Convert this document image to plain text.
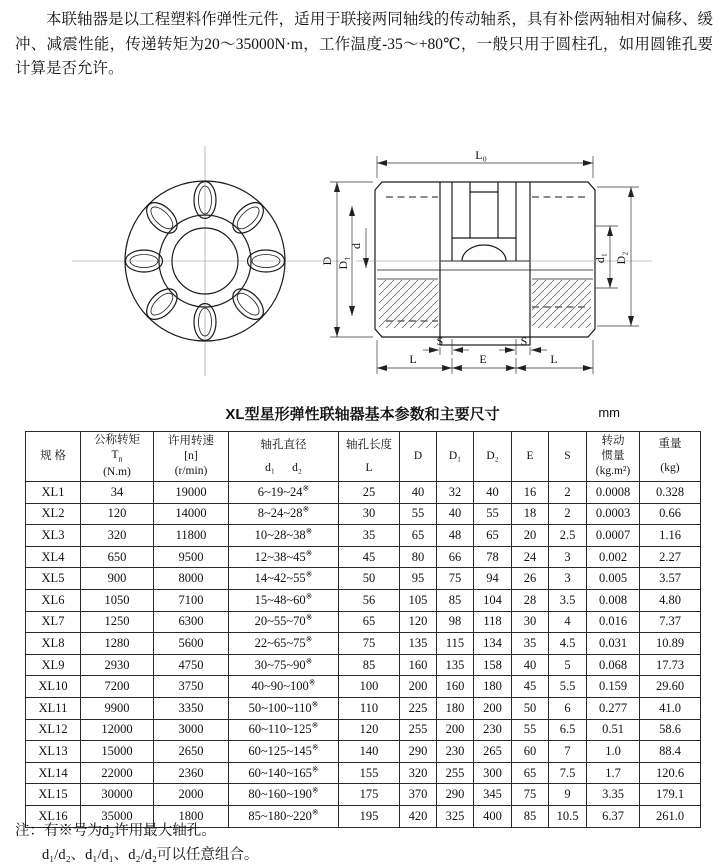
本联轴器是以工程塑料作弹性元件，适用于联接两同轴线的传动轴系，具有补偿两轴相对偏移、缓冲、减震性能，传递转矩为20～35000N·m，工作温度-35～+80℃，一般只用于圆柱孔，如用圆锥孔要计算是否允许。

L₀
D D₁
d
d₁ D₂
S	S
L	E	L
XL型星形弹性联轴器基本参数和主要尺寸	mm
规 格

公称转矩
$T_n$
(N.m)

许用转速
[n]
(r/min)

轴孔直径
d₁      d₂

轴孔长度
L

D	D₁	D₂	E	S

转动
惯量
(kg.m²)

重量
(kg)

XL1	34	19000	6~19~24※	25	40	32	40	16	2	0.0008	0.328
XL2	120	14000	8~24~28※	30	55	40	55	18	2	0.0003	0.66
XL3	320	11800	10~28~38※	35	65	48	65	20	2.5	0.0007	1.16
XL4	650	9500	12~38~45※	45	80	66	78	24	3	0.002	2.27
XL5	900	8000	14~42~55※	50	95	75	94	26	3	0.005	3.57
XL6	1050	7100	15~48~60※	56	105	85	104	28	3.5	0.008	4.80
XL7	1250	6300	20~55~70※	65	120	98	118	30	4	0.016	7.37
XL8	1280	5600	22~65~75※	75	135	115	134	35	4.5	0.031	10.89
XL9	2930	4750	30~75~90※	85	160	135	158	40	5	0.068	17.73
XL10	7200	3750	40~90~100※	100	200	160	180	45	5.5	0.159	29.60
XL11	9900	3350	50~100~110※	110	225	180	200	50	6	0.277	41.0
XL12	12000	3000	60~110~125※	120	255	200	230	55	6.5	0.51	58.6
XL13	15000	2650	60~125~145※	140	290	230	265	60	7	1.0	88.4
XL14	22000	2360	60~140~165※	155	320	255	300	65	7.5	1.7	120.6
XL15	30000	2000	80~160~190※	175	370	290	345	75	9	3.35	179.1
XL16	35000	1800	85~180~220※	195	420	325	400	85	10.5	6.37	261.0
注：有※号为d₂许用最大轴孔。
d₁/d₂、d₁/d₁、d₂/d₂可以任意组合。
